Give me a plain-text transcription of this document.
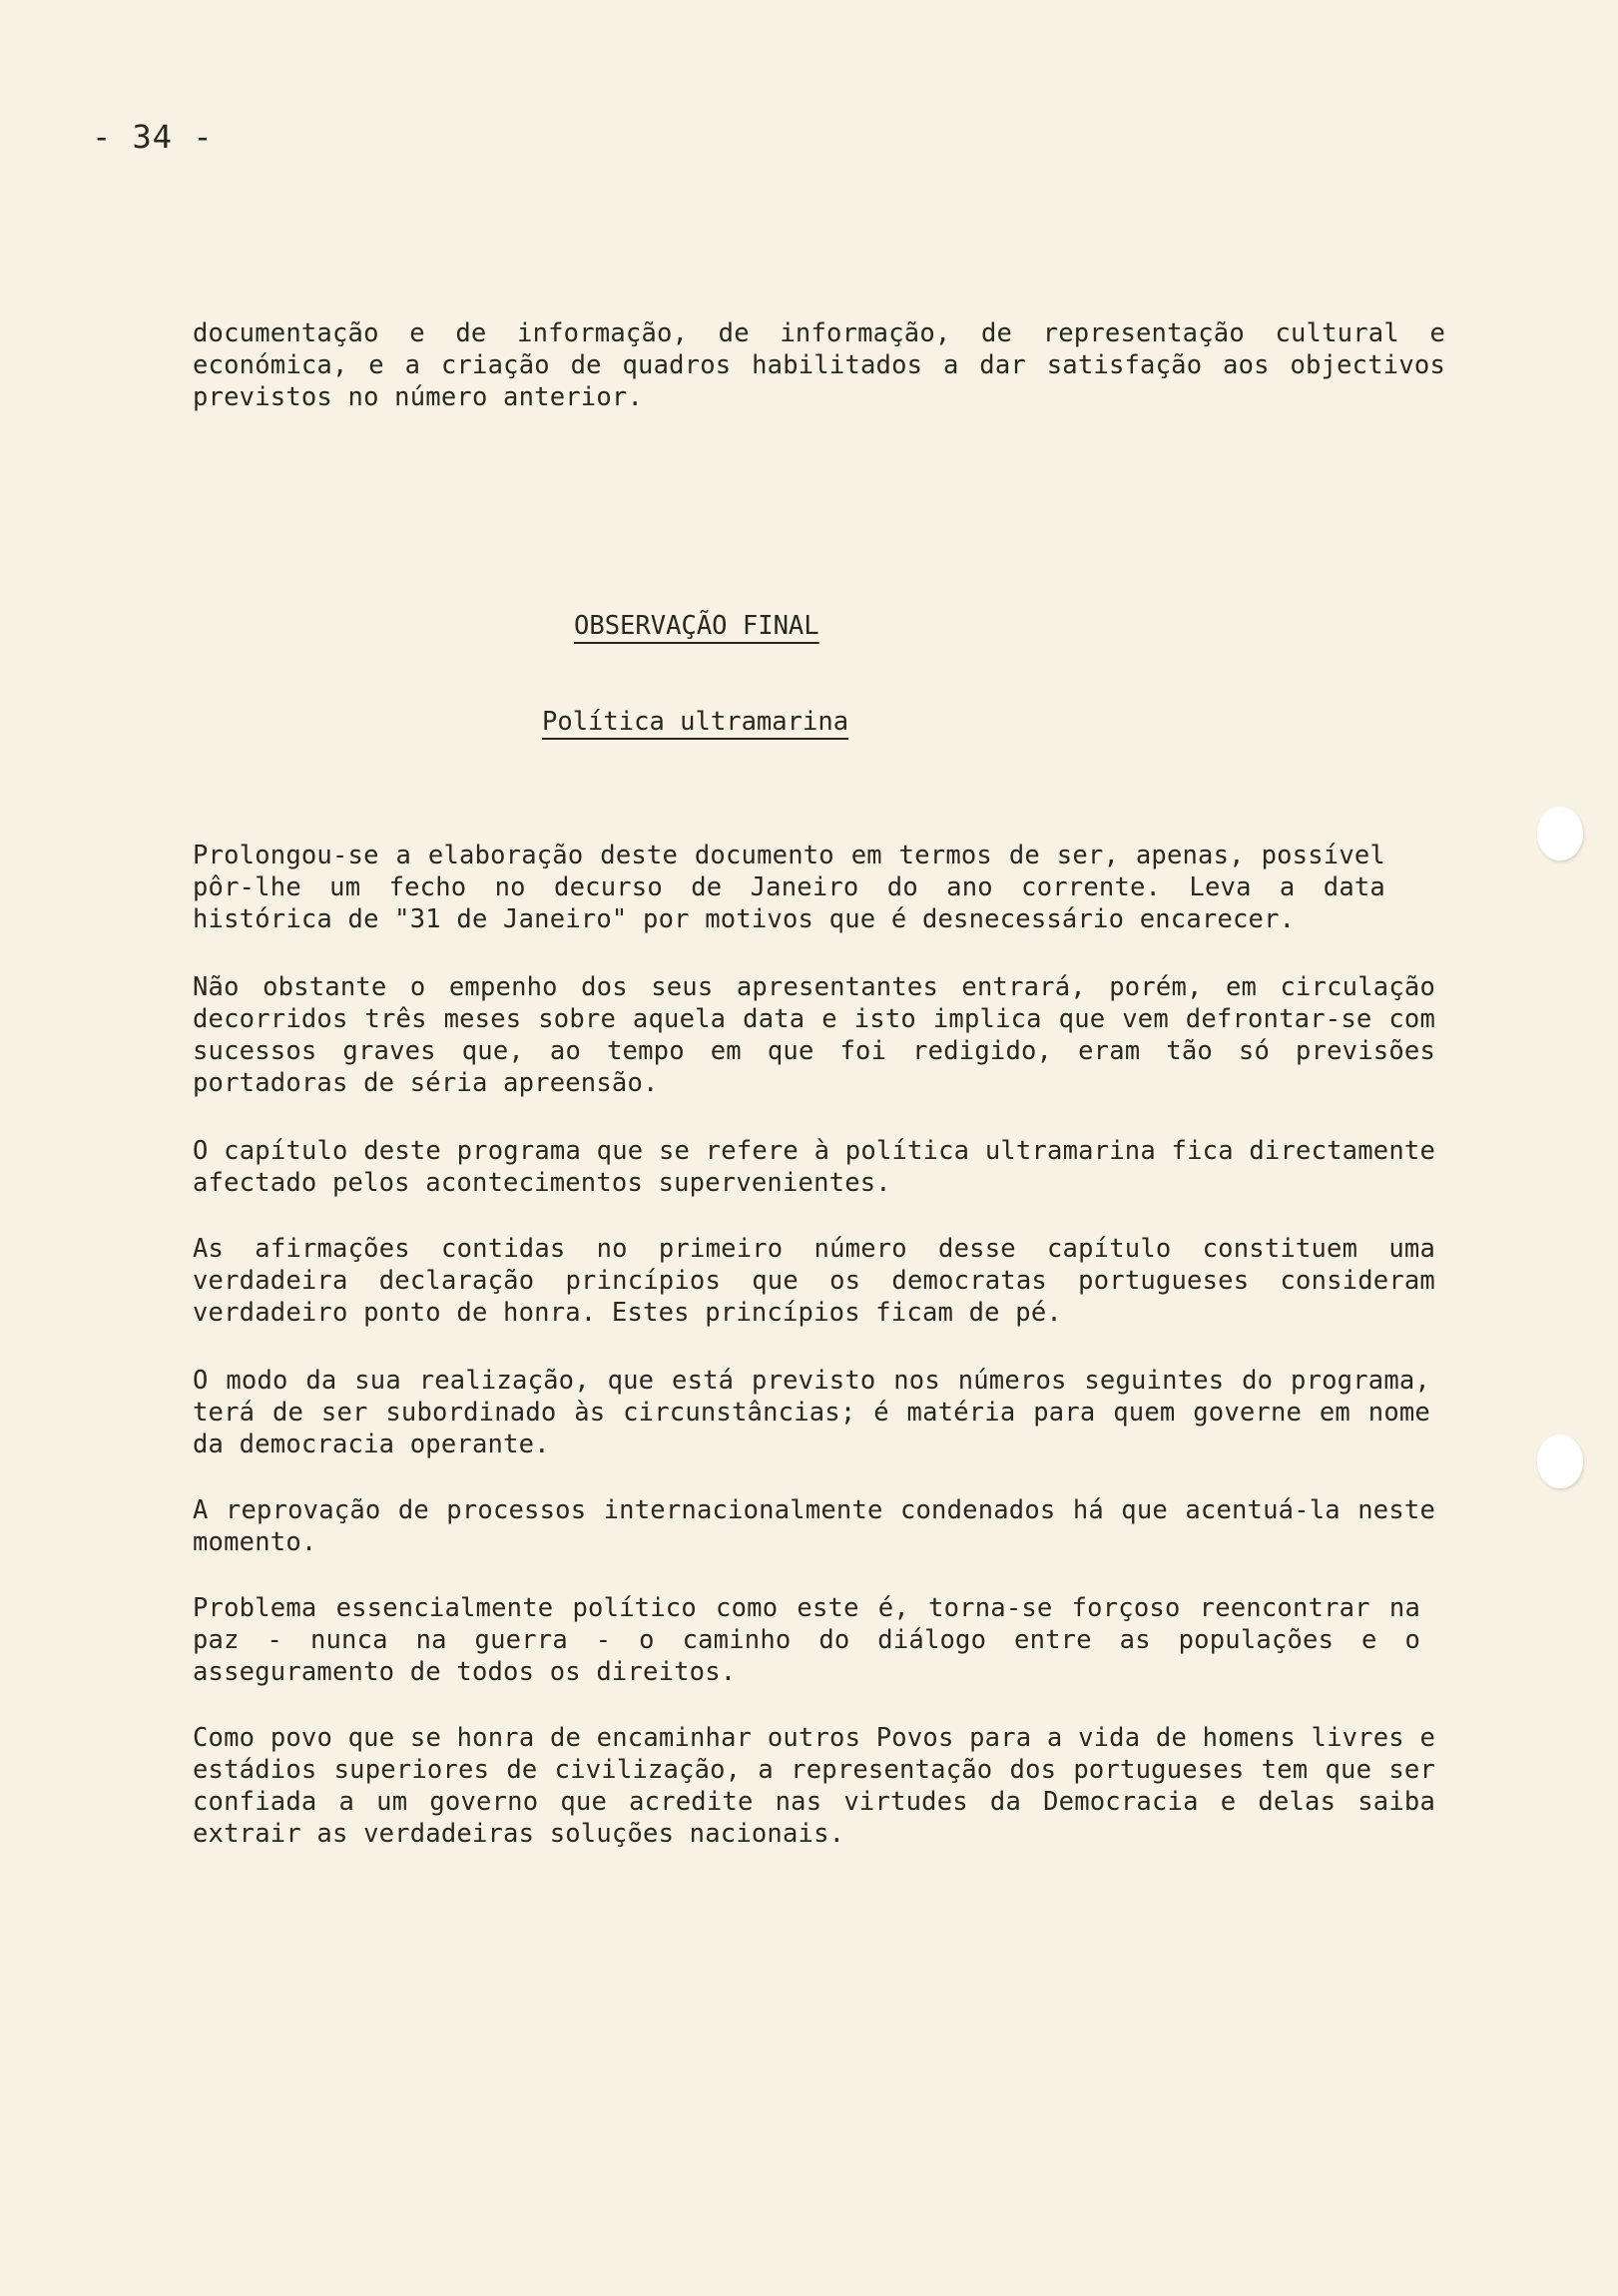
- 34 -
documentação e de informação, de informação, de representação cultural e económica, e a criação de quadros habilitados a dar satisfação aos objectivos previstos no número anterior.
OBSERVAÇÃO FINAL
Política ultramarina
Prolongou-se a elaboração deste documento em termos de ser, apenas, possível pôr-lhe um fecho no decurso de Janeiro do ano corrente. Leva a data histórica de "31 de Janeiro" por motivos que é desnecessário encarecer.
Não obstante o empenho dos seus apresentantes entrará, porém, em circulação decorridos três meses sobre aquela data e isto implica que vem defrontar-se com sucessos graves que, ao tempo em que foi redigido, eram tão só previsões portadoras de séria apreensão.
O capítulo deste programa que se refere à política ultramarina fica directamente afectado pelos acontecimentos supervenientes.
As afirmações contidas no primeiro número desse capítulo constituem uma verdadeira declaração princípios que os democratas portugueses consideram verdadeiro ponto de honra. Estes princípios ficam de pé.
O modo da sua realização, que está previsto nos números seguintes do programa, terá de ser subordinado às circunstâncias; é matéria para quem governe em nome da democracia operante.
A reprovação de processos internacionalmente condenados há que acentuá-la neste momento.
Problema essencialmente político como este é, torna-se forçoso reencontrar na paz - nunca na guerra - o caminho do diálogo entre as populações e o asseguramento de todos os direitos.
Como povo que se honra de encaminhar outros Povos para a vida de homens livres e estádios superiores de civilização, a representação dos portugueses tem que ser confiada a um governo que acredite nas virtudes da Democracia e delas saiba extrair as verdadeiras soluções nacionais.
